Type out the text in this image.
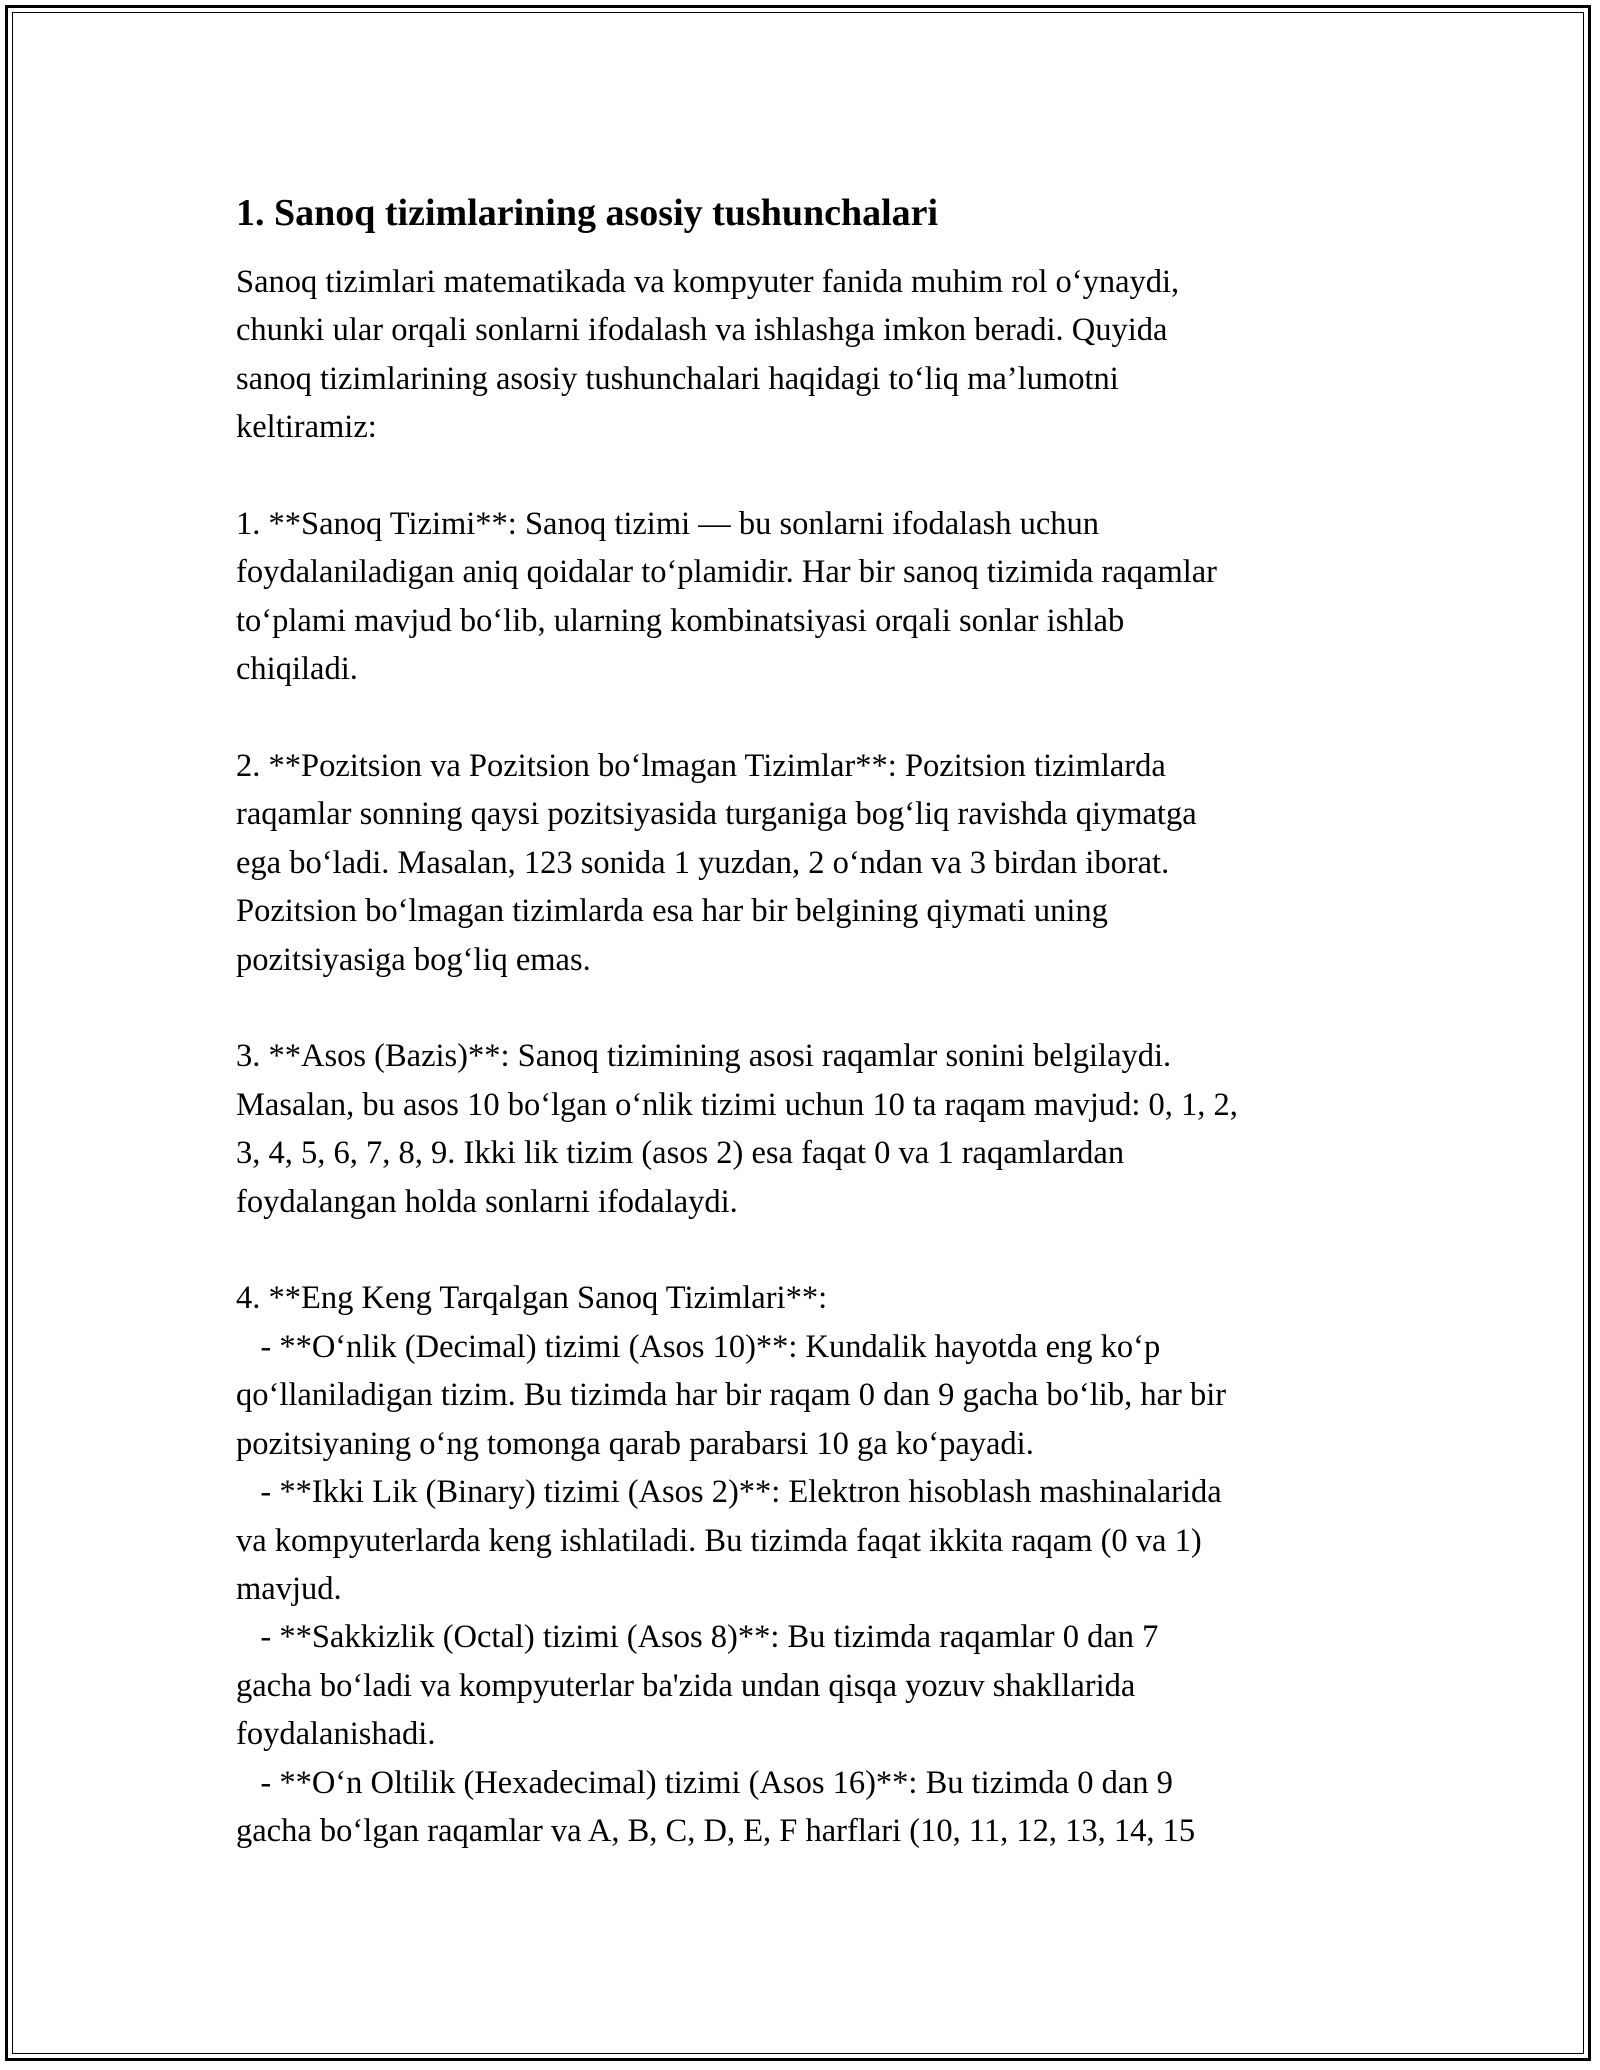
1. Sanoq tizimlarining asosiy tushunchalari

Sanoq tizimlari matematikada va kompyuter fanida muhim rol o‘ynaydi,
chunki ular orqali sonlarni ifodalash va ishlashga imkon beradi. Quyida
sanoq tizimlarining asosiy tushunchalari haqidagi to‘liq ma’lumotni
keltiramiz:

1. **Sanoq Tizimi**: Sanoq tizimi — bu sonlarni ifodalash uchun
foydalaniladigan aniq qoidalar to‘plamidir. Har bir sanoq tizimida raqamlar
to‘plami mavjud bo‘lib, ularning kombinatsiyasi orqali sonlar ishlab
chiqiladi.

2. **Pozitsion va Pozitsion bo‘lmagan Tizimlar**: Pozitsion tizimlarda
raqamlar sonning qaysi pozitsiyasida turganiga bog‘liq ravishda qiymatga
ega bo‘ladi. Masalan, 123 sonida 1 yuzdan, 2 o‘ndan va 3 birdan iborat.
Pozitsion bo‘lmagan tizimlarda esa har bir belgining qiymati uning
pozitsiyasiga bog‘liq emas.

3. **Asos (Bazis)**: Sanoq tizimining asosi raqamlar sonini belgilaydi.
Masalan, bu asos 10 bo‘lgan o‘nlik tizimi uchun 10 ta raqam mavjud: 0, 1, 2,
3, 4, 5, 6, 7, 8, 9. Ikki lik tizim (asos 2) esa faqat 0 va 1 raqamlardan
foydalangan holda sonlarni ifodalaydi.

4. **Eng Keng Tarqalgan Sanoq Tizimlari**:
- **O‘nlik (Decimal) tizimi (Asos 10)**: Kundalik hayotda eng ko‘p
qo‘llaniladigan tizim. Bu tizimda har bir raqam 0 dan 9 gacha bo‘lib, har bir
pozitsiyaning o‘ng tomonga qarab parabarsi 10 ga ko‘payadi.
- **Ikki Lik (Binary) tizimi (Asos 2)**: Elektron hisoblash mashinalarida
va kompyuterlarda keng ishlatiladi. Bu tizimda faqat ikkita raqam (0 va 1)
mavjud.
- **Sakkizlik (Octal) tizimi (Asos 8)**: Bu tizimda raqamlar 0 dan 7
gacha bo‘ladi va kompyuterlar ba'zida undan qisqa yozuv shakllarida
foydalanishadi.
- **O‘n Oltilik (Hexadecimal) tizimi (Asos 16)**: Bu tizimda 0 dan 9
gacha bo‘lgan raqamlar va A, B, C, D, E, F harflari (10, 11, 12, 13, 14, 15
